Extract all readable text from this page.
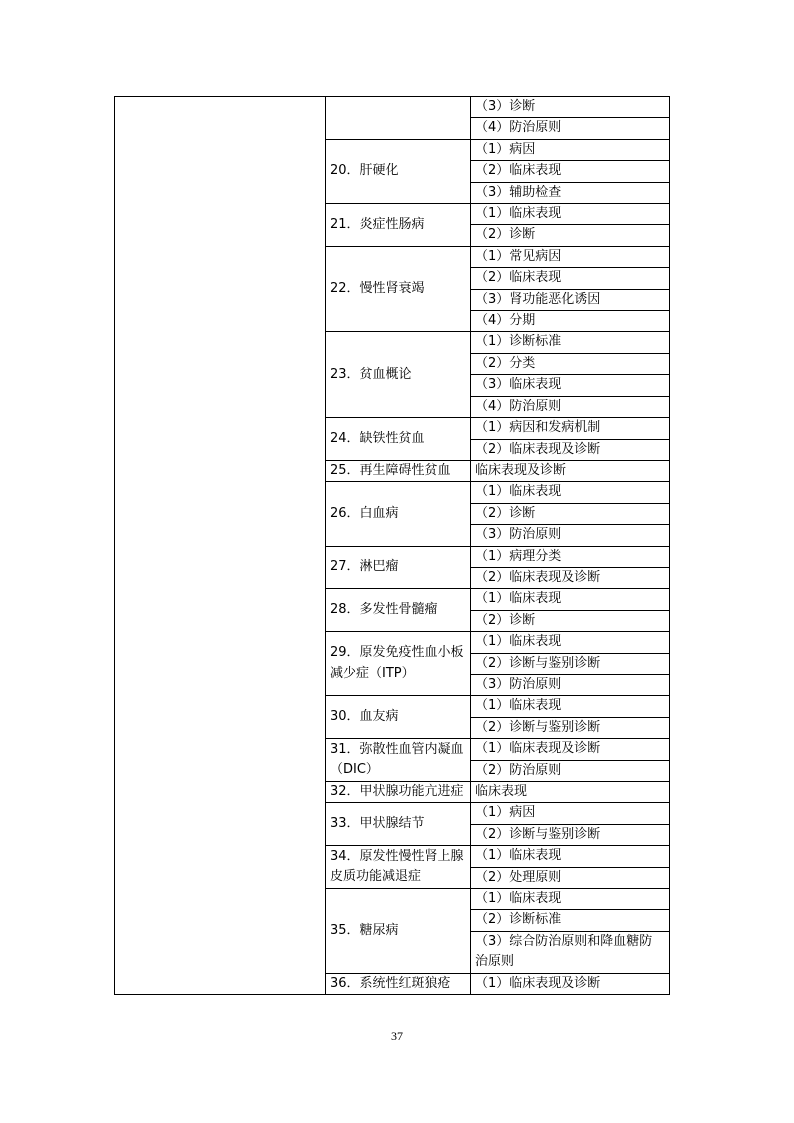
		（3）诊断
		（4）防治原则
	20．肝硬化	（1）病因
		（2）临床表现
		（3）辅助检查
	21．炎症性肠病	（1）临床表现
		（2）诊断
	22．慢性肾衰竭	（1）常见病因
		（2）临床表现
		（3）肾功能恶化诱因
		（4）分期
	23．贫血概论	（1）诊断标准
		（2）分类
		（3）临床表现
		（4）防治原则
	24．缺铁性贫血	（1）病因和发病机制
		（2）临床表现及诊断
	25．再生障碍性贫血	临床表现及诊断
	26．白血病	（1）临床表现
		（2）诊断
		（3）防治原则
	27．淋巴瘤	（1）病理分类
		（2）临床表现及诊断
	28．多发性骨髓瘤	（1）临床表现
		（2）诊断
	29．原发免疫性血小板减少症（ITP）	（1）临床表现
		（2）诊断与鉴别诊断
		（3）防治原则
	30．血友病	（1）临床表现
		（2）诊断与鉴别诊断
	31．弥散性血管内凝血（DIC）	（1）临床表现及诊断
		（2）防治原则
	32．甲状腺功能亢进症	临床表现
	33．甲状腺结节	（1）病因
		（2）诊断与鉴别诊断
	34．原发性慢性肾上腺皮质功能减退症	（1）临床表现
		（2）处理原则
	35．糖尿病	（1）临床表现
		（2）诊断标准
		（3）综合防治原则和降血糖防治原则
	36．系统性红斑狼疮	（1）临床表现及诊断
37
